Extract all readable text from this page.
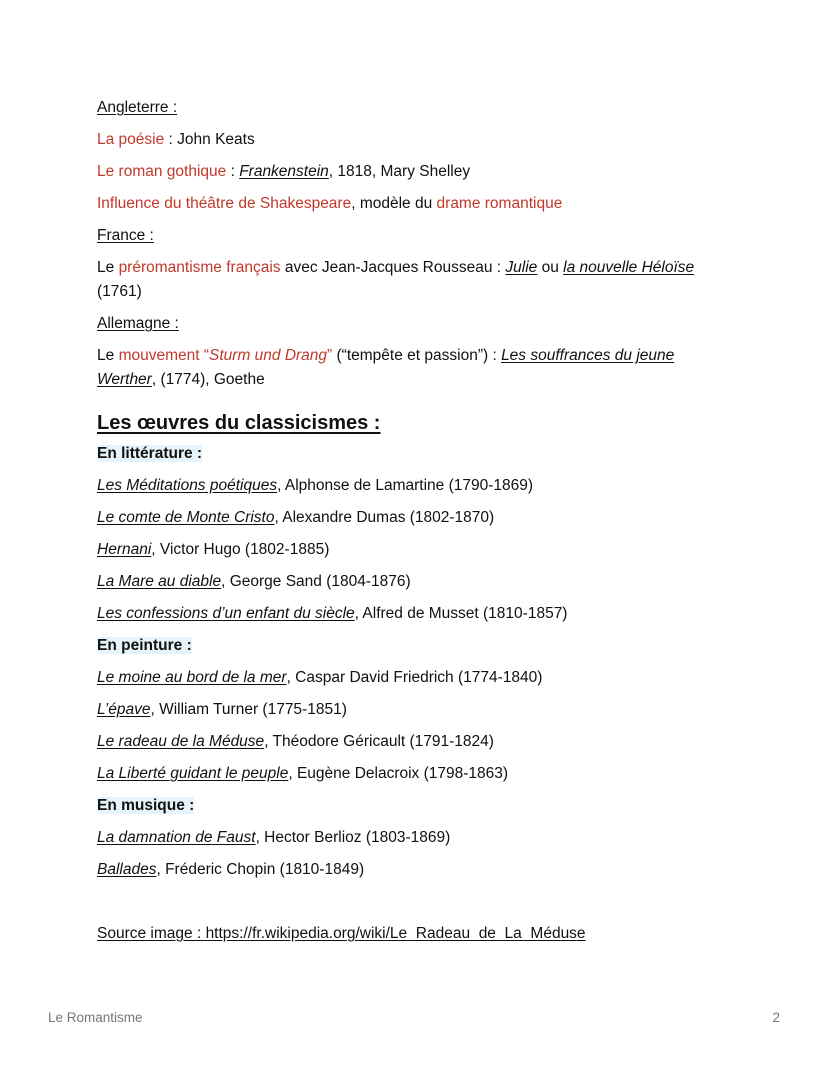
Angleterre :

La poésie : John Keats

Le roman gothique : Frankenstein, 1818, Mary Shelley

Influence du théâtre de Shakespeare, modèle du drame romantique

France :

Le préromantisme français avec Jean-Jacques Rousseau : Julie ou la nouvelle Héloïse
(1761)

Allemagne :

Le mouvement “Sturm und Drang” (“tempête et passion”) : Les souffrances du jeune
Werther, (1774), Goethe

Les œuvres du classicismes :

En littérature :

Les Méditations poétiques, Alphonse de Lamartine (1790-1869)

Le comte de Monte Cristo, Alexandre Dumas (1802-1870)

Hernani, Victor Hugo (1802-1885)

La Mare au diable, George Sand (1804-1876)

Les confessions d’un enfant du siècle, Alfred de Musset (1810-1857)

En peinture :

Le moine au bord de la mer, Caspar David Friedrich (1774-1840)

L’épave, William Turner (1775-1851)

Le radeau de la Méduse, Théodore Géricault (1791-1824)

La Liberté guidant le peuple, Eugène Delacroix (1798-1863)

En musique :

La damnation de Faust, Hector Berlioz (1803-1869)

Ballades, Fréderic Chopin (1810-1849)

Source image : https://fr.wikipedia.org/wiki/Le_Radeau_de_La_Méduse

Le Romantisme	2
